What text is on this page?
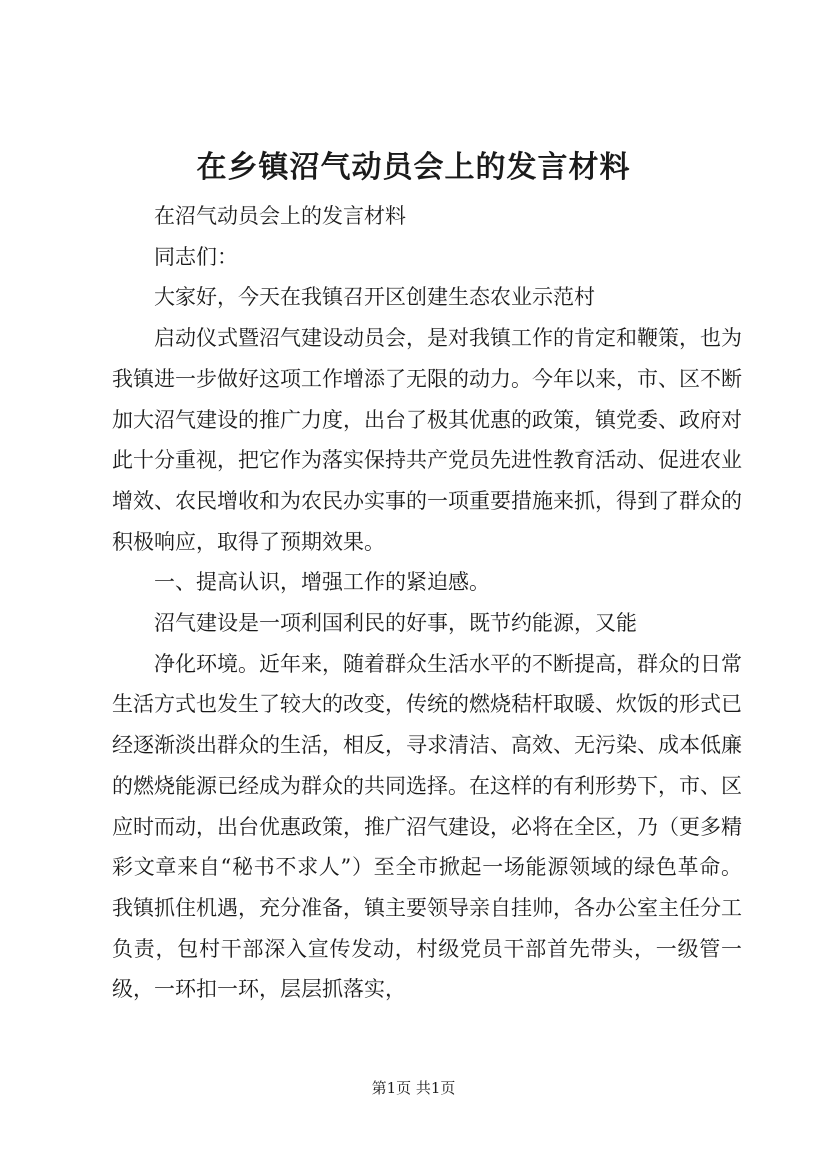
在乡镇沼气动员会上的发言材料

在沼气动员会上的发言材料

同志们：

大家好，今天在我镇召开区创建生态农业示范村

启动仪式暨沼气建设动员会，是对我镇工作的肯定和鞭策，也为我镇进一步做好这项工作增添了无限的动力。今年以来，市、区不断加大沼气建设的推广力度，出台了极其优惠的政策，镇党委、政府对此十分重视，把它作为落实保持共产党员先进性教育活动、促进农业增效、农民增收和为农民办实事的一项重要措施来抓，得到了群众的积极响应，取得了预期效果。

一、提高认识，增强工作的紧迫感。

沼气建设是一项利国利民的好事，既节约能源，又能

净化环境。近年来，随着群众生活水平的不断提高，群众的日常生活方式也发生了较大的改变，传统的燃烧秸杆取暖、炊饭的形式已经逐渐淡出群众的生活，相反，寻求清洁、高效、无污染、成本低廉的燃烧能源已经成为群众的共同选择。在这样的有利形势下，市、区应时而动，出台优惠政策，推广沼气建设，必将在全区，乃（更多精彩文章来自“秘书不求人”）至全市掀起一场能源领域的绿色革命。我镇抓住机遇，充分准备，镇主要领导亲自挂帅，各办公室主任分工负责，包村干部深入宣传发动，村级党员干部首先带头，一级管一级，一环扣一环，层层抓落实，

第1页 共1页
